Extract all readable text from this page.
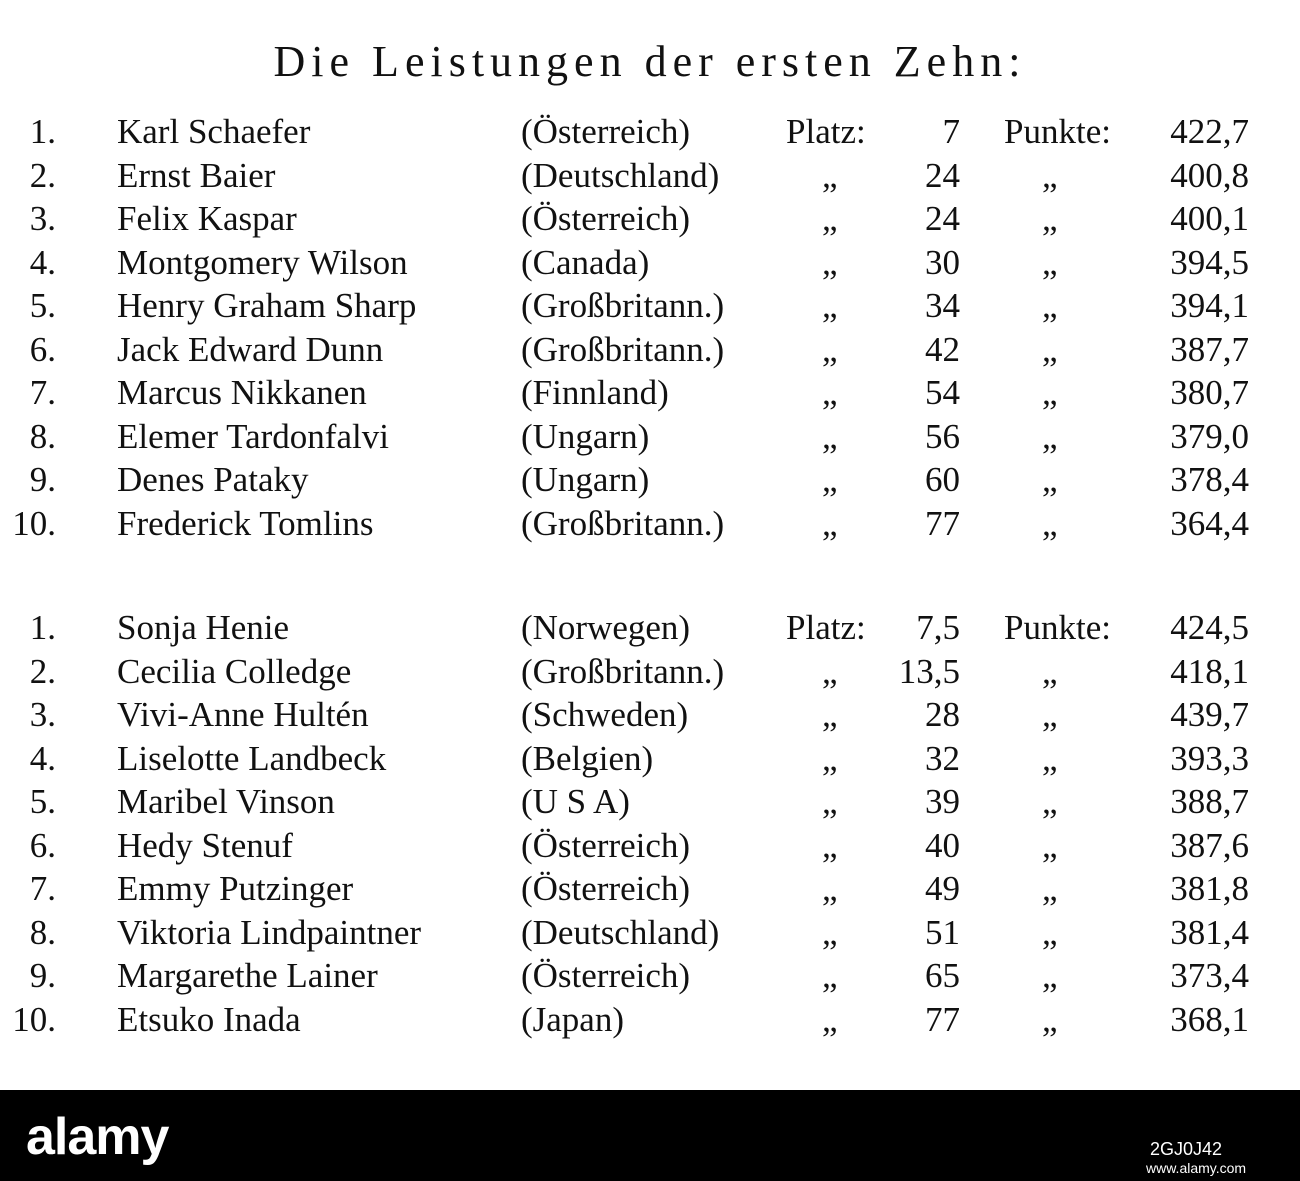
Die Leistungen der ersten Zehn:
1. Karl Schaefer	(Österreich)	Platz: 7 Punkte: 422,7
2. Ernst Baier	(Deutschland)	„ 24 „	400,8
3. Felix Kaspar	(Österreich)	„ 24 „	400,1
4. Montgomery Wilson	(Canada)	„ 30 „	394,5
5. Henry Graham Sharp	(Großbritann.)	„ 34 „	394,1
6. Jack Edward Dunn	(Großbritann.)	„ 42 „	387,7
7. Marcus Nikkanen	(Finnland)	„ 54 „	380,7
8. Elemer Tardonfalvi	(Ungarn)	„ 56 „	379,0
9. Denes Pataky	(Ungarn)	„ 60 „	378,4
10. Frederick Tomlins	(Großbritann.)	„ 77 „	364,4
1. Sonja Henie	(Norwegen)	Platz: 7,5 Punkte: 424,5
2. Cecilia Colledge	(Großbritann.)	„ 13,5 „	418,1
3. Vivi-Anne Hultén	(Schweden)	„ 28 „	439,7
4. Liselotte Landbeck	(Belgien)	„ 32 „	393,3
5. Maribel Vinson	(U S A)	„ 39 „	388,7
6. Hedy Stenuf	(Österreich)	„ 40 „	387,6
7. Emmy Putzinger	(Österreich)	„ 49 „	381,8
8. Viktoria Lindpaintner	(Deutschland)	„ 51 „	381,4
9. Margarethe Lainer	(Österreich)	„ 65 „	373,4
10. Etsuko Inada	(Japan)	„ 77 „	368,1
alamy	2GJ0J42
www.alamy.com
